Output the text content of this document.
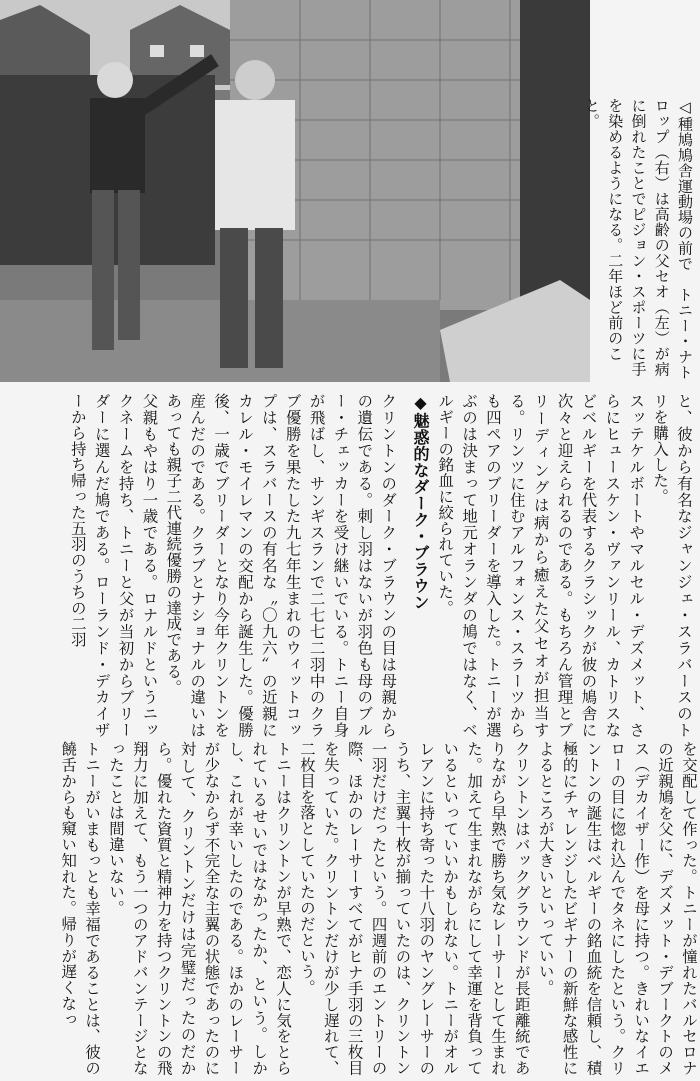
◁種鳩鳩舎運動場の前で　トニー・ナトロップ（右）は高齢の父セオ（左）が病に倒れたことでピジョン・スポーツに手を染めるようになる。二年ほど前のこと。
と、彼から有名なジャンジェ・スラバースのトリを購入した。
スッテケルボートやマルセル・デズメット、さらにヒュースケン・ヴァンリール、カトリスなどベルギーを代表するクラシックが彼の鳩舎に次々と迎えられるのである。もちろん管理とブリーディングは病から癒えた父セオが担当する。リンツに住むアルフォンス・スラーツからも四ペアのブリーダーを導入した。トニーが選ぶのは決まって地元オランダの鳩ではなく、ベルギーの銘血に絞られていた。
◆魅惑的なダーク・ブラウン
クリントンのダーク・ブラウンの目は母親からの遺伝である。刺し羽はないが羽色も母のブルー・チェッカーを受け継いでいる。トニー自身が飛ばし、サンギスランで二七七二羽中のクラブ優勝を果たした九七年生まれのウィットコップは、スラバースの有名な〝〇九六〟の近親にカレル・モイレマンの交配から誕生した。優勝後、一歳でブリーダーとなり今年クリントンを産んだのである。クラブとナショナルの違いはあっても親子二代連続優勝の達成である。
父親もやはり一歳である。ロナルドというニックネームを持ち、トニーと父が当初からブリーダーに選んだ鳩である。ローランド・デカイザーから持ち帰った五羽のうちの二羽
を交配して作った。トニーが憧れたバルセロナの近親鳩を父に、デズメット・デブークトのメス（デカイザー作）を母に持つ。きれいなイエローの目に惚れ込んでタネにしたという。クリントンの誕生はベルギーの銘血統を信頼し、積極的にチャレンジしたビギナーの新鮮な感性によるところが大きいといっていい。
クリントンはバックグラウンドが長距離統でありながら早熟で勝ち気なレーサーとして生まれた。加えて生まれながらにして幸運を背負っているといっていいかもしれない。トニーがオルレアンに持ち寄った十八羽のヤングレーサーのうち、主翼十枚が揃っていたのは、クリントン一羽だけだったという。四週前のエントリーの際、ほかのレーサーすべてがヒナ手羽の三枚目を失っていた。クリントンだけが少し遅れて、二枚目を落としていたのだという。
トニーはクリントンが早熟で、恋人に気をとられているせいではなかったか、という。しかし、これが幸いしたのである。ほかのレーサーが少なからず不完全な主翼の状態であったのに対して、クリントンだけは完璧だったのだから。優れた資質と精神力を持つクリントンの飛翔力に加えて、もう一つのアドバンテージとなったことは間違いない。
トニーがいまもっとも幸福であることは、彼の饒舌からも窺い知れた。帰りが遅くなっ
